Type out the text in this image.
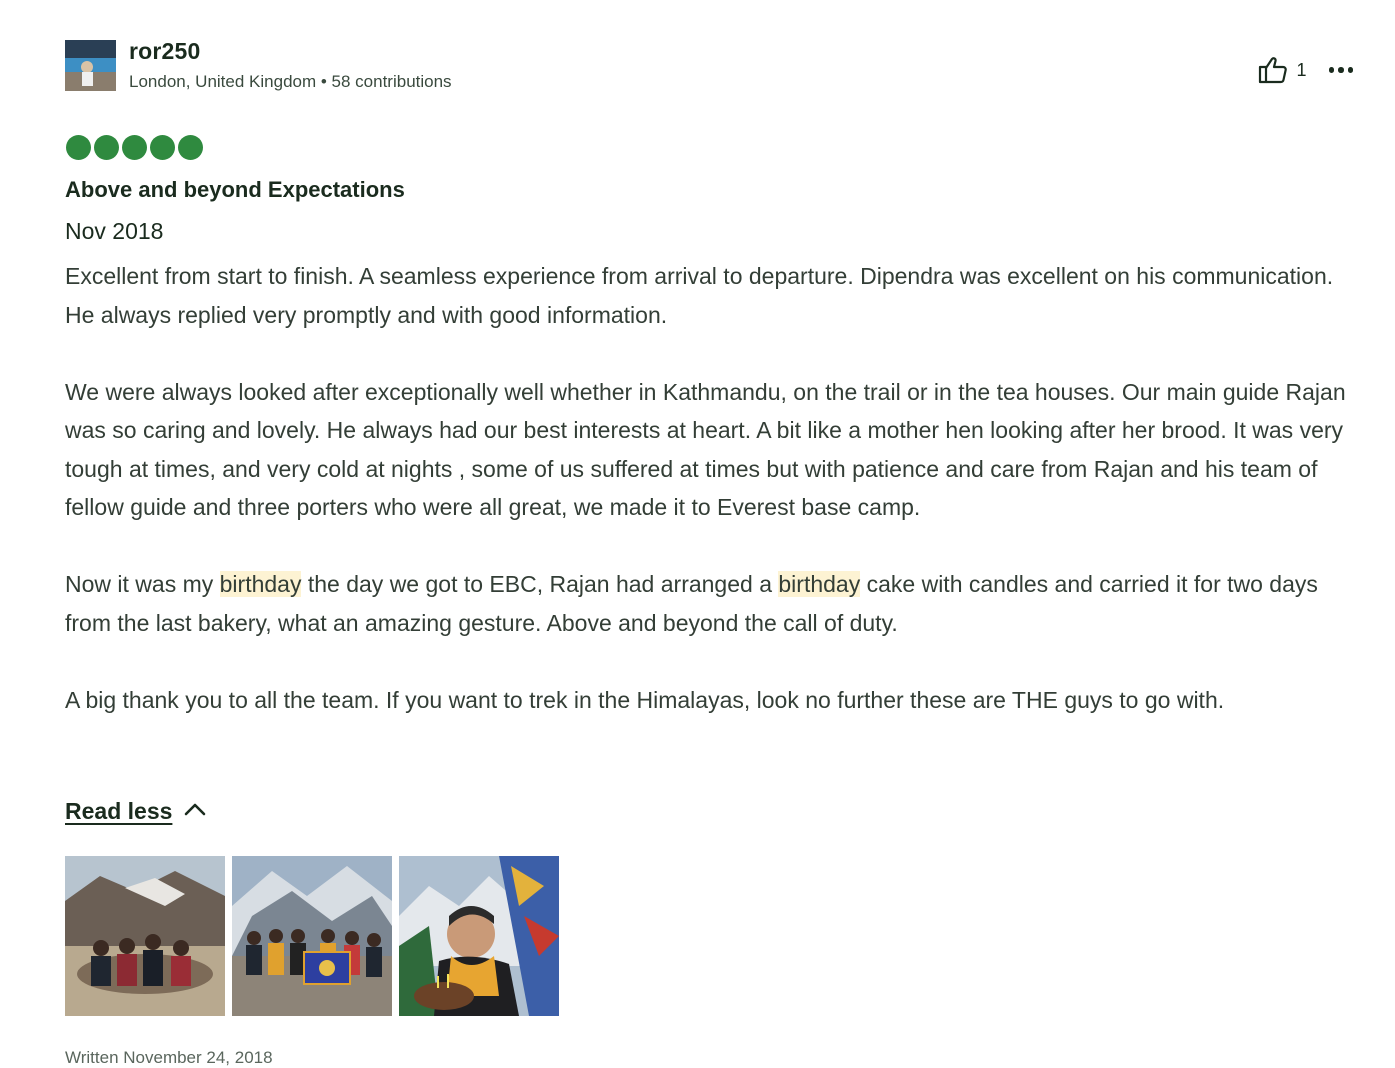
ror250
London, United Kingdom • 58 contributions
1
Above and beyond Expectations
Nov 2018

Excellent from start to finish. A seamless experience from arrival to departure. Dipendra was excellent on his communication. He always replied very promptly and with good information.

We were always looked after exceptionally well whether in Kathmandu, on the trail or in the tea houses. Our main guide Rajan was so caring and lovely. He always had our best interests at heart. A bit like a mother hen looking after her brood. It was very tough at times, and very cold at nights , some of us suffered at times but with patience and care from Rajan and his team of fellow guide and three porters who were all great, we made it to Everest base camp.

Now it was my birthday the day we got to EBC, Rajan had arranged a birthday cake with candles and carried it for two days from the last bakery, what an amazing gesture. Above and beyond the call of duty.

A big thank you to all the team. If you want to trek in the Himalayas, look no further these are THE guys to go with.

Read less
Written November 24, 2018
